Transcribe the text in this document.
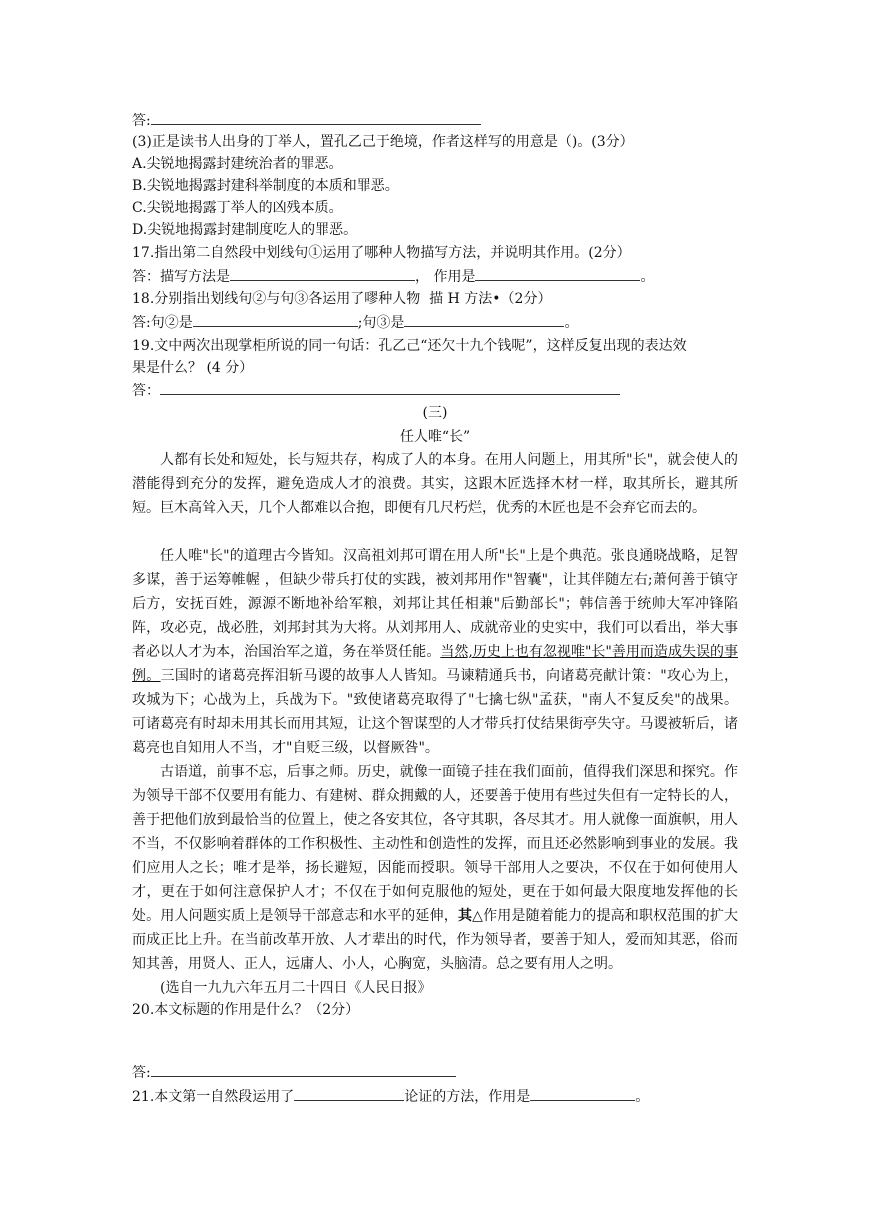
答:
(3)正是读书人出身的丁举人，置孔乙己于绝境，作者这样写的用意是（)。(3分）
A.尖锐地揭露封建统治者的罪恶。
B.尖锐地揭露封建科举制度的本质和罪恶。
C.尖锐地揭露丁举人的凶残本质。
D.尖锐地揭露封建制度吃人的罪恶。
17.指出第二自然段中划线句①运用了哪种人物描写方法，并说明其作用。(2分）
答：描写方法是	， 作用是	。
18.分别指出划线句②与句③各运用了嘐种人物  描 H 方法•（2分）
答:句②是	;句③是	。
19.文中两次出现掌柜所说的同一句话：孔乙己“还欠十九个钱呢”，这样反复出现的表达效
果是什么？ (4 分）
答：
(三)
任人唯“长”
人都有长处和短处，长与短共存，构成了人的本身。在用人问题上，用其所"长"，就会使人的潜能得到充分的发挥，避免造成人才的浪费。其实，这跟木匠选择木材一样，取其所长，避其所短。巨木高耸入天，几个人都难以合抱，即便有几尺朽烂，优秀的木匠也是不会弃它而去的。
任人唯"长"的道理古今皆知。汉高祖刘邦可谓在用人所"长"上是个典范。张良通晓战略，足智多谋，善于运筹帷幄 ，但缺少带兵打仗的实践，被刘邦用作"智囊"，让其伴随左右;萧何善于镇守后方，安抚百姓，源源不断地补给军粮，刘邦让其任相兼"后勤部长"；韩信善于统帅大军冲锋陷阵，攻必克，战必胜，刘邦封其为大将。从刘邦用人、成就帝业的史实中，我们可以看出，举大事者必以人才为本，治国治军之道，务在举贤任能。当然,历史上也有忽视唯"长"善用而造成失误的事例。三国时的诸葛亮挥泪斩马谡的故事人人皆知。马谏精通兵书，向诸葛亮献计策："攻心为上，攻城为下；心战为上，兵战为下。"致使诸葛亮取得了"七擒七纵"孟获，"南人不复反矣"的战果。可诸葛亮有时却未用其长而用其短，让这个智谋型的人才带兵打仗结果街亭失守。马谡被斩后，诸葛亮也自知用人不当，才"自贬三级，以督厥咎"。
古语道，前事不忘，后事之师。历史，就像一面镜子挂在我们面前，值得我们深思和探究。作为领导干部不仅要用有能力、有建树、群众拥戴的人，还要善于使用有些过失但有一定特长的人，善于把他们放到最恰当的位置上，使之各安其位，各守其职，各尽其才。用人就像一面旗帜，用人不当，不仅影响着群体的工作积极性、主动性和创造性的发挥，而且还必然影响到事业的发展。我们应用人之长；唯才是举，扬长避短，因能而授职。领导干部用人之要决，不仅在于如何使用人才，更在于如何注意保护人才；不仅在于如何克服他的短处，更在于如何最大限度地发挥他的长处。用人问题实质上是领导干部意志和水平的延伸，其△作用是随着能力的提高和职权范围的扩大而成正比上升。在当前改革开放、人才辈出的时代，作为领导者，要善于知人，爱而知其恶，俗而知其善，用贤人、正人，远庸人、小人，心胸宽，头脑清。总之要有用人之明。
(选自一九九六年五月二十四日《人民日报》
20.本文标题的作用是什么？（2分）
答:
21.本文第一自然段运用了	论证的方法，作用是	。
